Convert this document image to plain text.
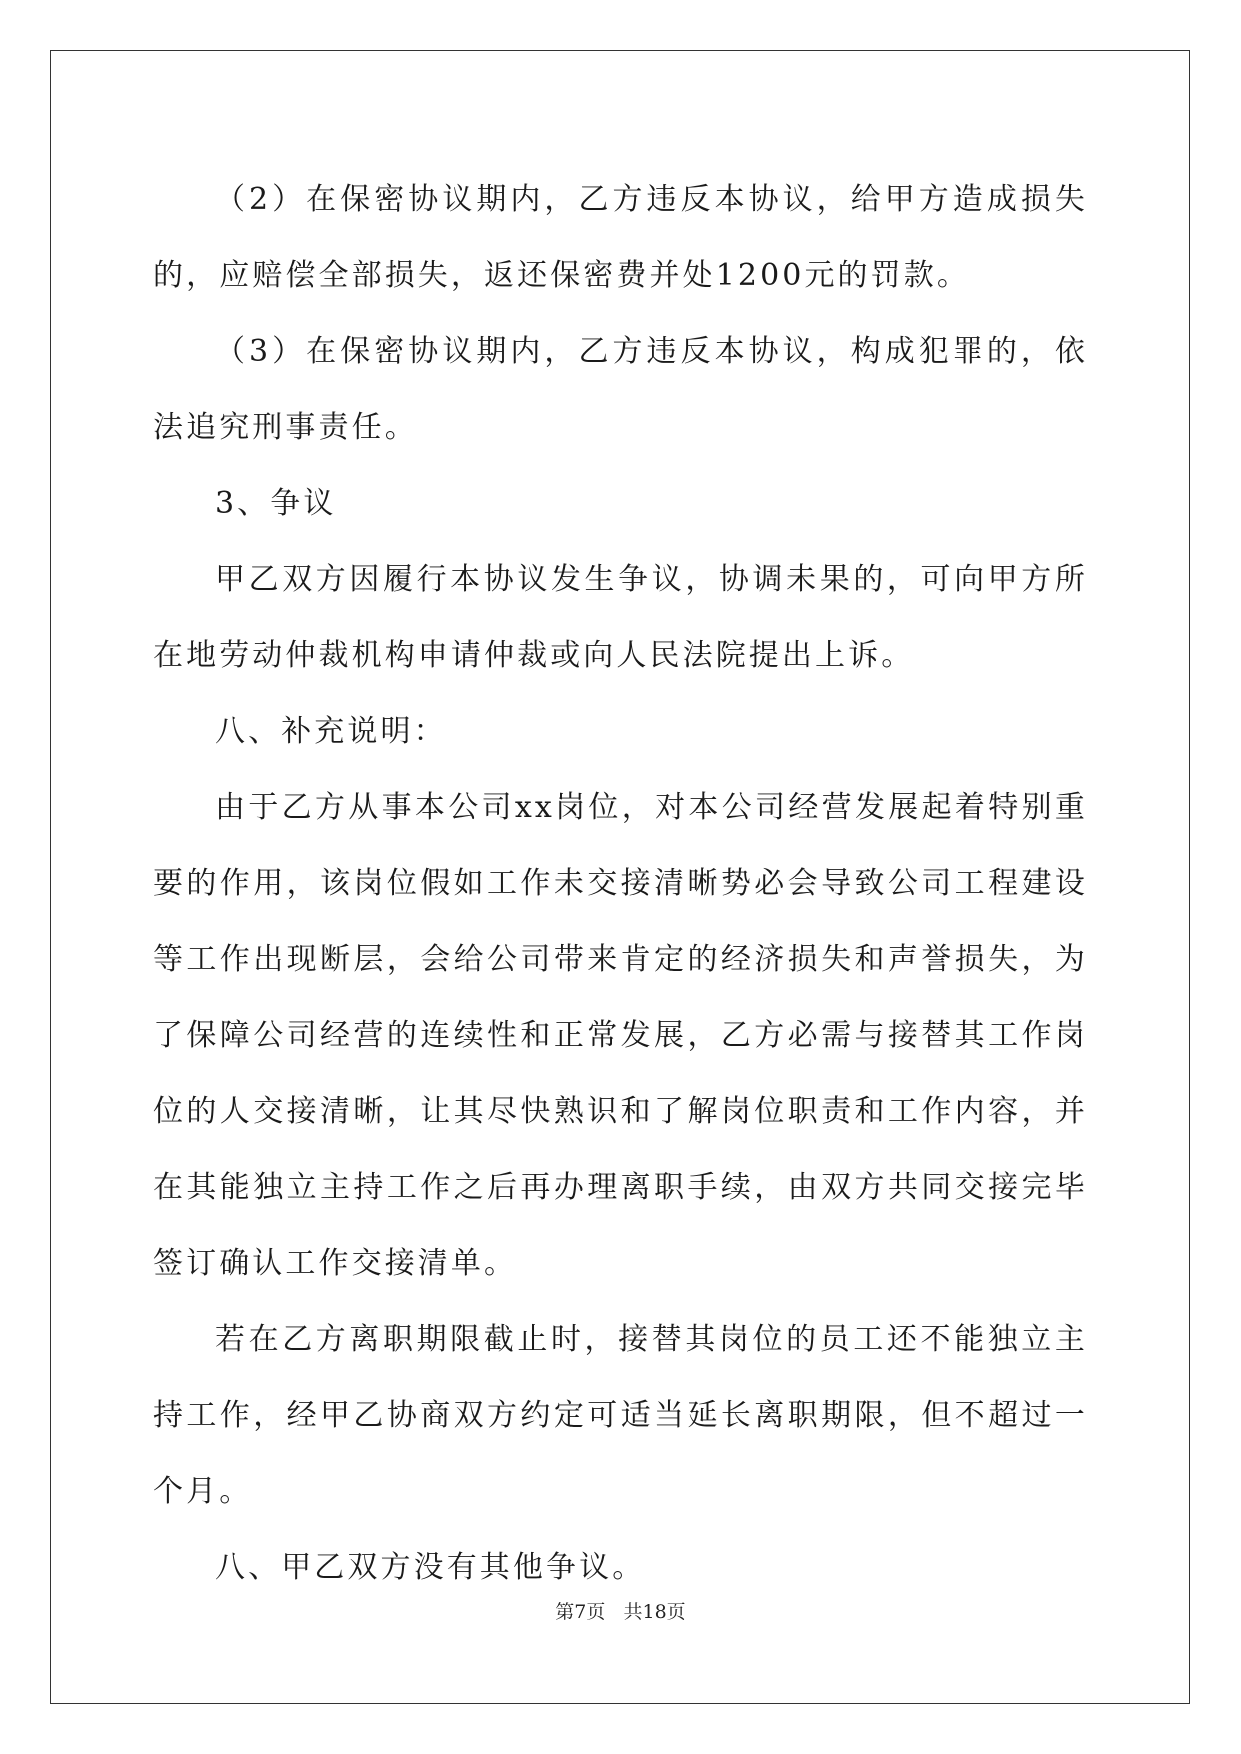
（2）在保密协议期内，乙方违反本协议，给甲方造成损失的，应赔偿全部损失，返还保密费并处1200元的罚款。

（3）在保密协议期内，乙方违反本协议，构成犯罪的，依法追究刑事责任。

3、争议

甲乙双方因履行本协议发生争议，协调未果的，可向甲方所在地劳动仲裁机构申请仲裁或向人民法院提出上诉。

八、补充说明：

由于乙方从事本公司xx岗位，对本公司经营发展起着特别重要的作用，该岗位假如工作未交接清晰势必会导致公司工程建设等工作出现断层，会给公司带来肯定的经济损失和声誉损失，为了保障公司经营的连续性和正常发展，乙方必需与接替其工作岗位的人交接清晰，让其尽快熟识和了解岗位职责和工作内容，并在其能独立主持工作之后再办理离职手续，由双方共同交接完毕签订确认工作交接清单。

若在乙方离职期限截止时，接替其岗位的员工还不能独立主持工作，经甲乙协商双方约定可适当延长离职期限，但不超过一个月。

八、甲乙双方没有其他争议。

第7页   共18页
